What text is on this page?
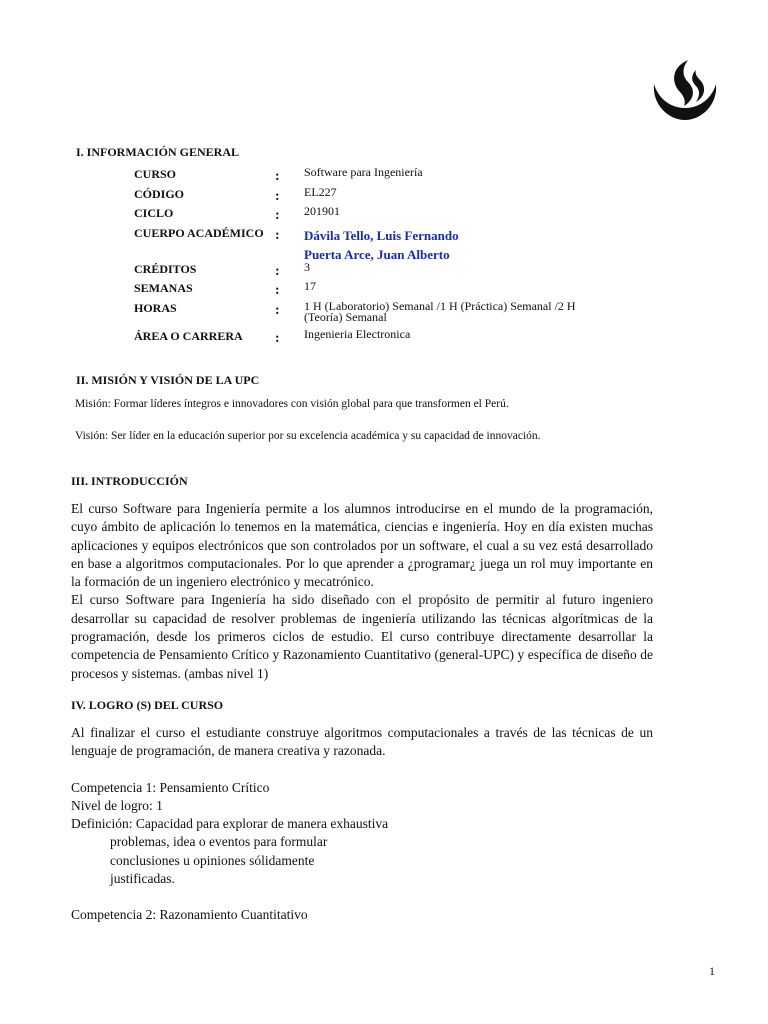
I. INFORMACIÓN GENERAL
CURSO	: Software para Ingeniería
CÓDIGO	: EL227
CICLO	: 201901
CUERPO ACADÉMICO : Dávila Tello, Luis Fernando
Puerta Arce, Juan Alberto
CRÉDITOS	: 3
SEMANAS	: 17
HORAS	: 1 H (Laboratorio) Semanal /1 H (Práctica) Semanal /2 H (Teoría) Semanal
ÁREA O CARRERA : Ingenieria Electronica
II. MISIÓN Y VISIÓN DE LA UPC
Misión: Formar líderes íntegros e innovadores con visión global para que transformen el Perú.
Visión: Ser líder en la educación superior por su excelencia académica y su capacidad de innovación.
III. INTRODUCCIÓN
El curso Software para Ingeniería permite a los alumnos introducirse en el mundo de la programación, cuyo ámbito de aplicación lo tenemos en la matemática, ciencias e ingeniería. Hoy en día existen muchas aplicaciones y equipos electrónicos que son controlados por un software, el cual a su vez está desarrollado en base a algoritmos computacionales. Por lo que aprender a ¿programar¿ juega un rol muy importante en la formación de un ingeniero electrónico y mecatrónico.
El curso Software para Ingeniería ha sido diseñado con el propósito de permitir al futuro ingeniero desarrollar su capacidad de resolver problemas de ingeniería utilizando las técnicas algorítmicas de la programación, desde los primeros ciclos de estudio. El curso contribuye directamente desarrollar la competencia de Pensamiento Crítico y Razonamiento Cuantitativo (general-UPC) y específica de diseño de procesos y sistemas. (ambas nivel 1)
IV. LOGRO (S) DEL CURSO
Al finalizar el curso el estudiante construye algoritmos computacionales a través de las técnicas de un lenguaje de programación, de manera creativa y razonada.
Competencia 1: Pensamiento Crítico
Nivel de logro: 1
Definición: Capacidad para explorar de manera exhaustiva
problemas, idea o eventos para formular
conclusiones u opiniones sólidamente
justificadas.
Competencia 2: Razonamiento Cuantitativo
1
